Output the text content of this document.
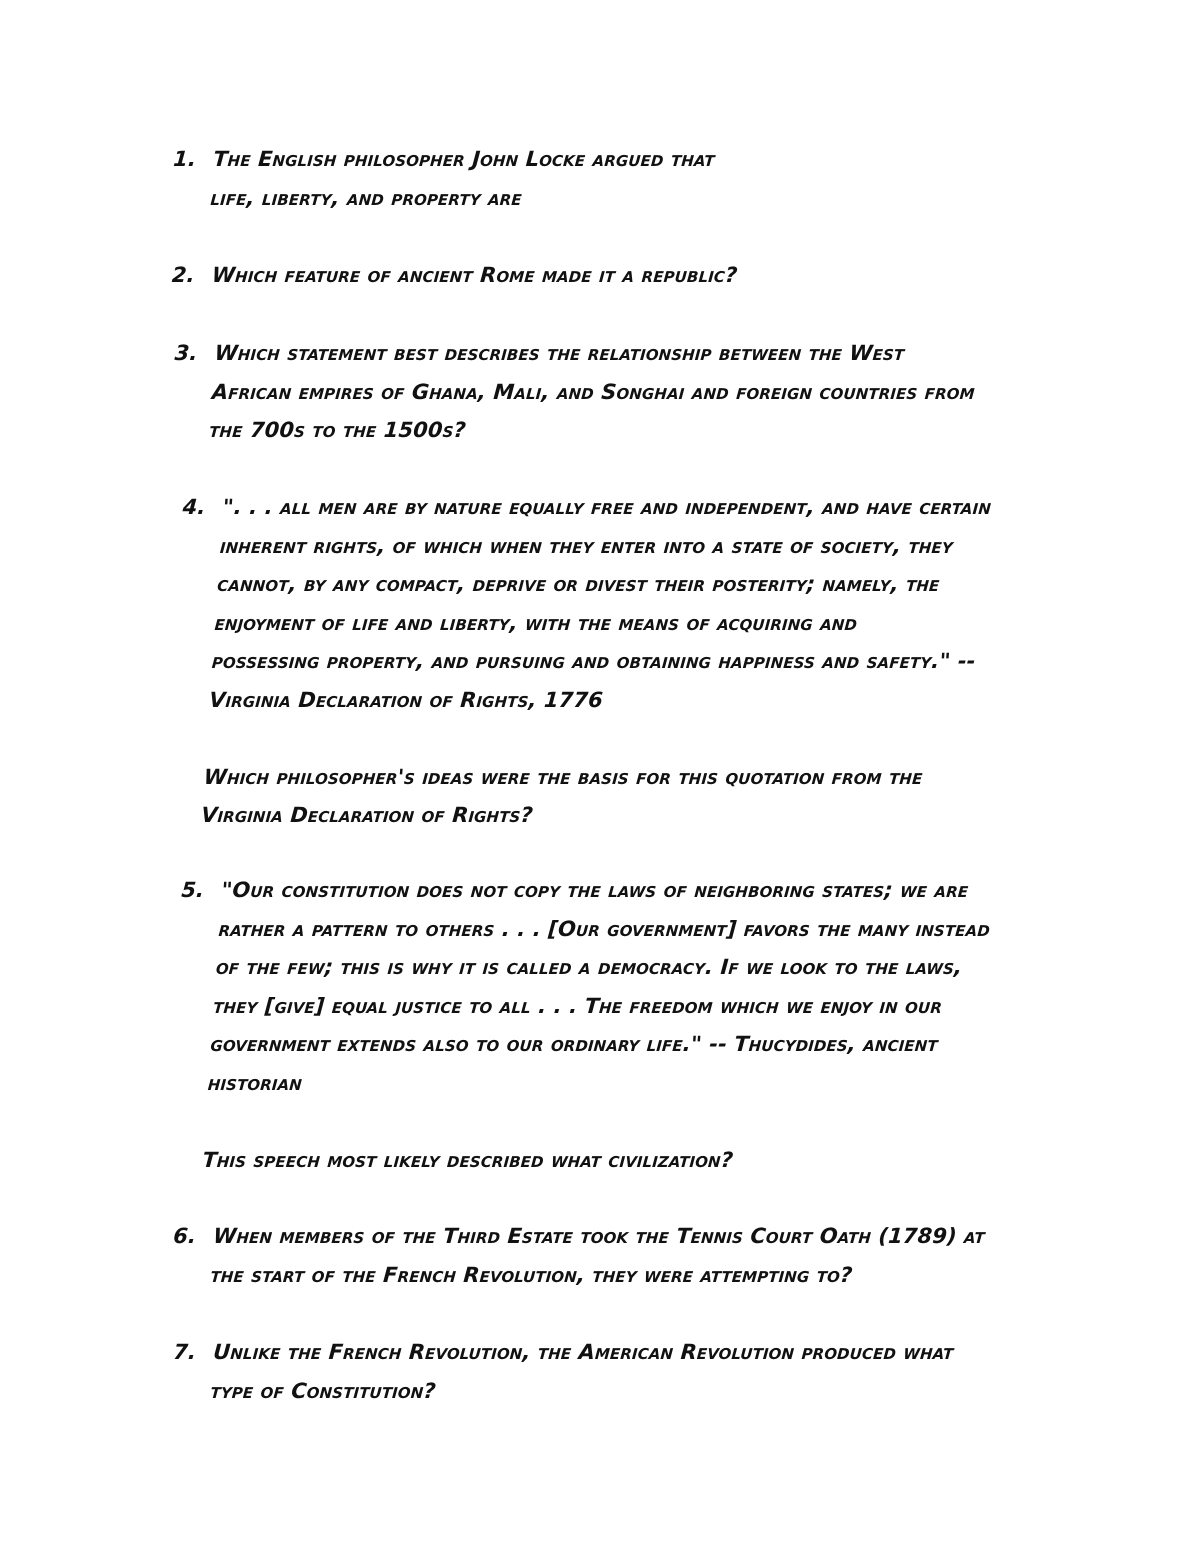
1. The English philosopher John Locke argued that
life, liberty, and property are
2. Which feature of ancient Rome made it a republic?
3. Which statement best describes the relationship between the West
African empires of Ghana, Mali, and Songhai and foreign countries from
the 700s to the 1500s?
4. ". . . all men are by nature equally free and independent, and have certain
inherent rights, of which when they enter into a state of society, they
cannot, by any compact, deprive or divest their posterity; namely, the
enjoyment of life and liberty, with the means of acquiring and
possessing property, and pursuing and obtaining happiness and safety." --
Virginia Declaration of Rights, 1776
Which philosopher's ideas were the basis for this quotation from the
Virginia Declaration of Rights?
5. "Our constitution does not copy the laws of neighboring states; we are
rather a pattern to others . . . [Our government] favors the many instead
of the few; this is why it is called a democracy. If we look to the laws,
they [give] equal justice to all . . . The freedom which we enjoy in our
government extends also to our ordinary life." -- Thucydides, ancient
historian
This speech most likely described what civilization?
6. When members of the Third Estate took the Tennis Court Oath (1789) at
the start of the French Revolution, they were attempting to?
7. Unlike the French Revolution, the American Revolution produced what
type of Constitution?
